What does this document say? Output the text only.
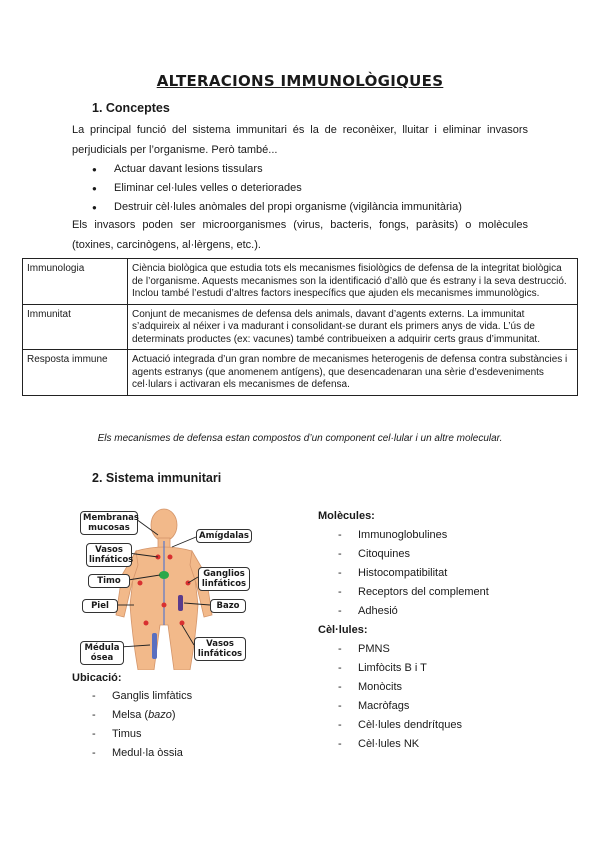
ALTERACIONS IMMUNOLÒGIQUES
1. Conceptes
La principal funció del sistema immunitari és la de reconèixer, lluitar i eliminar invasors perjudicials per l’organisme. Però també...
● Actuar davant lesions tissulars
● Eliminar cel·lules velles o deteriorades
● Destruir cèl·lules anòmales del propi organisme (vigilància immunitària)
Els invasors poden ser microorganismes (virus, bacteris, fongs, paràsits) o molècules (toxines, carcinògens, al·lèrgens, etc.).
Immunologia	Ciència biològica que estudia tots els mecanismes fisiològics de defensa de la integritat biològica de l’organisme. Aquests mecanismes son la identificació d’allò que és estrany i la seva destrucció. Inclou també l’estudi d’altres factors inespecífics que ajuden els mecanismes immunològics.
Immunitat	Conjunt de mecanismes de defensa dels animals, davant d’agents externs. La immunitat s’adquireix al néixer i va madurant i consolidant-se durant els primers anys de vida. L’ús de determinats productes (ex: vacunes) també contribueixen a adquirir certs graus d’immunitat.
Resposta immune	Actuació integrada d’un gran nombre de mecanismes heterogenis de defensa contra substàncies i agents estranys (que anomenem antígens), que desencadenaran una sèrie d’esdeveniments cel·lulars i activaran els mecanismes de defensa.
Els mecanismes de defensa estan compostos d’un component cel·lular i un altre molecular.
2. Sistema immunitari
Membranas mucosas
Vasos linfáticos
Timo
Piel
Médula ósea
Amígdalas
Ganglios linfáticos
Bazo
Vasos linfáticos
Ubicació:
- Ganglis limfàtics
- Melsa (bazo)
- Timus
- Medul·la òssia
Molècules:
- Immunoglobulines
- Citoquines
- Histocompatibilitat
- Receptors del complement
- Adhesió
Cèl·lules:
- PMNS
- Limfòcits B i T
- Monòcits
- Macròfags
- Cèl·lules dendrítques
- Cèl·lules NK
